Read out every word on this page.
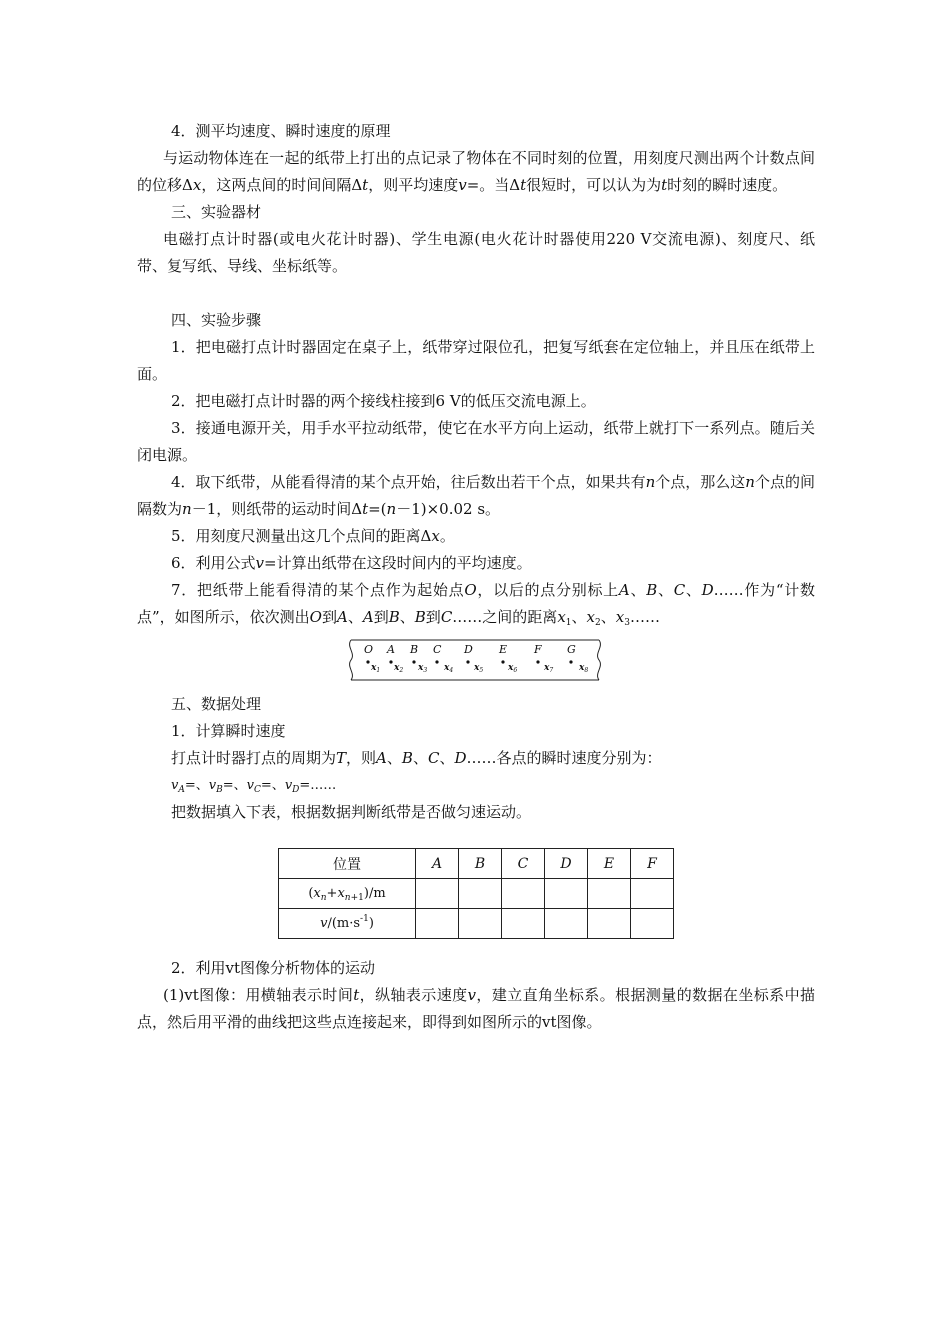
4．测平均速度、瞬时速度的原理

与运动物体连在一起的纸带上打出的点记录了物体在不同时刻的位置，用刻度尺测出两个计数点间的位移Δx，这两点间的时间间隔Δt，则平均速度v=。当Δt很短时，可以认为为t时刻的瞬时速度。

三、实验器材

电磁打点计时器(或电火花计时器)、学生电源(电火花计时器使用220 V交流电源)、刻度尺、纸带、复写纸、导线、坐标纸等。

四、实验步骤

1．把电磁打点计时器固定在桌子上，纸带穿过限位孔，把复写纸套在定位轴上，并且压在纸带上面。

2．把电磁打点计时器的两个接线柱接到6 V的低压交流电源上。

3．接通电源开关，用手水平拉动纸带，使它在水平方向上运动，纸带上就打下一系列点。随后关闭电源。

4．取下纸带，从能看得清的某个点开始，往后数出若干个点，如果共有n个点，那么这n个点的间隔数为n－1，则纸带的运动时间Δt=(n－1)×0.02 s。

5．用刻度尺测量出这几个点间的距离Δx。

6．利用公式v=计算出纸带在这段时间内的平均速度。

7．把纸带上能看得清的某个点作为起始点O，以后的点分别标上A、B、C、D……作为“计数点”，如图所示，依次测出O到A、A到B、B到C……之间的距离$x_1$、$x_2$、$x_3\dots\dots$

O A B C D E F G
$x_1$ $x_2$ $x_3$ $x_4$ $x_5$	$x_6$	$x_7$	$x_8$

五、数据处理

1．计算瞬时速度

打点计时器打点的周期为T，则A、B、C、D……各点的瞬时速度分别为：

$v_A=$、$v_B=$、$v_C=$、$v_D=\dots\dots$

把数据填入下表，根据数据判断纸带是否做匀速运动。

位置	A	B	C	D	E	F
$(x_n+x_{n+1})/m$						
$v/(m\cdot s^{-1})$						

2．利用vt图像分析物体的运动

(1)vt图像：用横轴表示时间t，纵轴表示速度v，建立直角坐标系。根据测量的数据在坐标系中描点，然后用平滑的曲线把这些点连接起来，即得到如图所示的vt图像。
